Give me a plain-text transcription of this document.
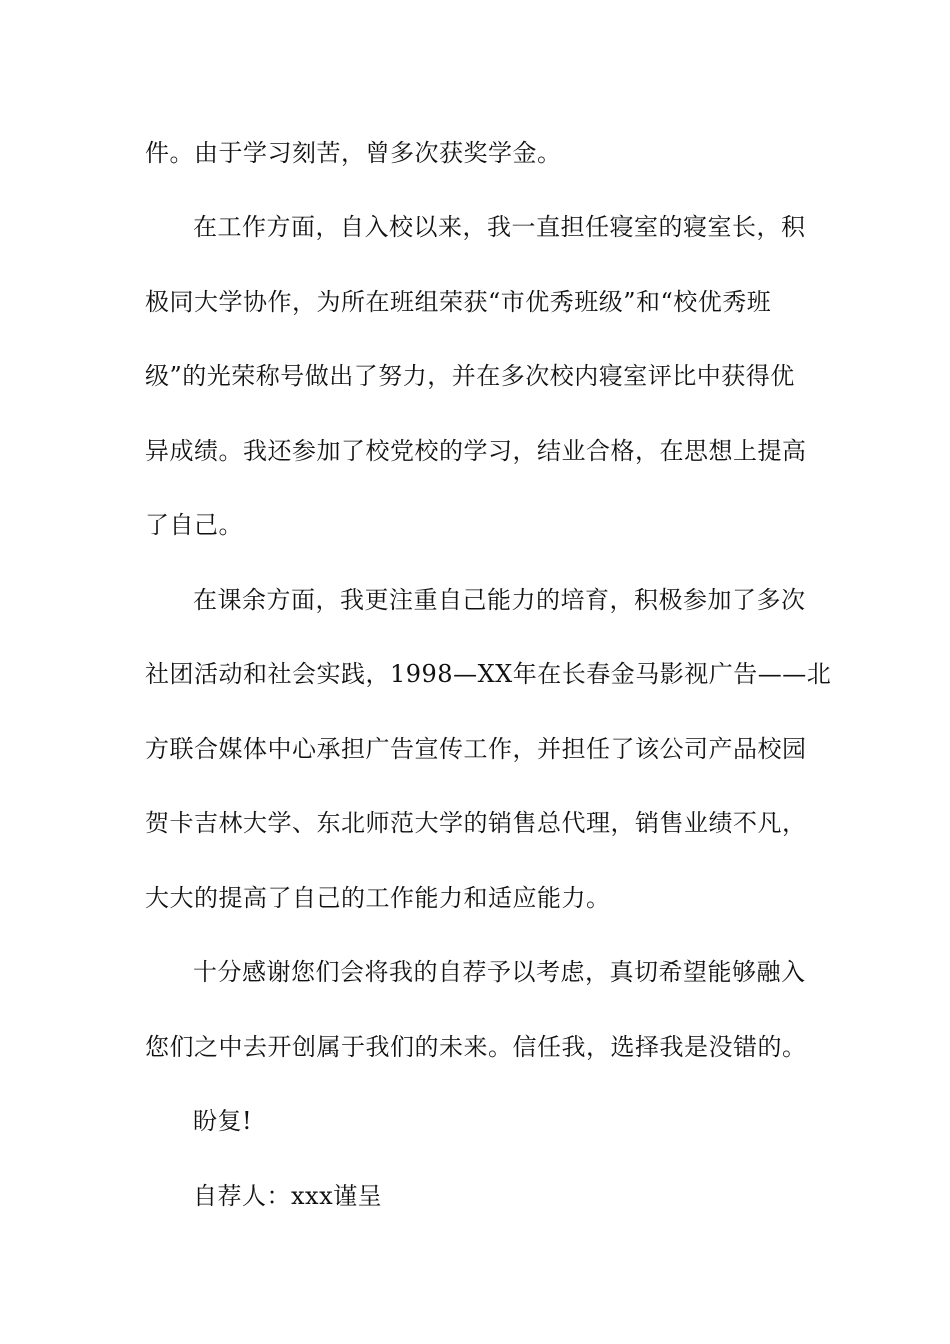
件。由于学习刻苦，曾多次获奖学金。
在工作方面，自入校以来，我一直担任寝室的寝室长，积
极同大学协作，为所在班组荣获“市优秀班级”和“校优秀班
级”的光荣称号做出了努力，并在多次校内寝室评比中获得优
异成绩。我还参加了校党校的学习，结业合格，在思想上提高
了自己。
在课余方面，我更注重自己能力的培育，积极参加了多次
社团活动和社会实践，1998—XX年在长春金马影视广告——北
方联合媒体中心承担广告宣传工作，并担任了该公司产品校园
贺卡吉林大学、东北师范大学的销售总代理，销售业绩不凡，
大大的提高了自己的工作能力和适应能力。
十分感谢您们会将我的自荐予以考虑，真切希望能够融入
您们之中去开创属于我们的未来。信任我，选择我是没错的。
盼复!
自荐人：xxx谨呈
